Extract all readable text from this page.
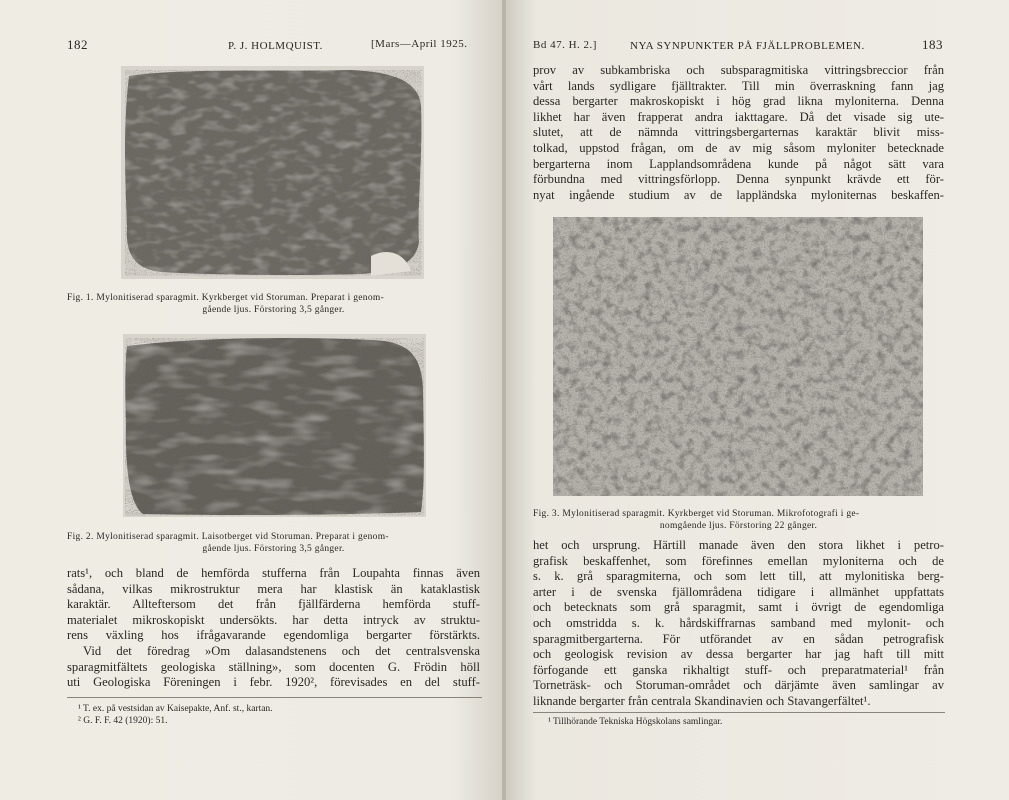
182	P. J. HOLMQUIST.	[Mars—April 1925.
Fig. 1. Mylonitiserad sparagmit. Kyrkberget vid Storuman. Preparat i genom-
gående ljus. Förstoring 3,5 gånger.
Fig. 2. Mylonitiserad sparagmit. Laisotberget vid Storuman. Preparat i genom-
gående ljus. Förstoring 3,5 gånger.
rats¹, och bland de hemförda stufferna från Loupahta finnas även
sådana, vilkas mikrostruktur mera har klastisk än kataklastisk
karaktär. Allteftersom det från fjällfärderna hemförda stuff-
materialet mikroskopiskt undersökts. har detta intryck av struktu-
rens växling hos ifrågavarande egendomliga bergarter förstärkts.
Vid det föredrag »Om dalasandstenens och det centralsvenska
sparagmitfältets geologiska ställning», som docenten G. Frödin höll
uti Geologiska Föreningen i febr. 1920², förevisades en del stuff-
¹ T. ex. på vestsidan av Kaisepakte, Anf. st., kartan.
² G. F. F. 42 (1920): 51.
Bd 47. H. 2.]	NYA SYNPUNKTER PÅ FJÄLLPROBLEMEN.	183
prov av subkambriska och subsparagmitiska vittringsbreccior från
vårt lands sydligare fjälltrakter. Till min överraskning fann jag
dessa bergarter makroskopiskt i hög grad likna myloniterna. Denna
likhet har även frapperat andra iakttagare. Då det visade sig ute-
slutet, att de nämnda vittringsbergarternas karaktär blivit miss-
tolkad, uppstod frågan, om de av mig såsom myloniter betecknade
bergarterna inom Lapplandsområdena kunde på något sätt vara
förbundna med vittringsförlopp. Denna synpunkt krävde ett för-
nyat ingående studium av de lappländska myloniternas beskaffen-
Fig. 3. Mylonitiserad sparagmit. Kyrkberget vid Storuman. Mikrofotografi i ge-
nomgående ljus. Förstoring 22 gånger.
het och ursprung. Härtill manade även den stora likhet i petro-
grafisk beskaffenhet, som förefinnes emellan myloniterna och de
s. k. grå sparagmiterna, och som lett till, att mylonitiska berg-
arter i de svenska fjällområdena tidigare i allmänhet uppfattats
och betecknats som grå sparagmit, samt i övrigt de egendomliga
och omstridda s. k. hårdskiffrarnas samband med mylonit- och
sparagmitbergarterna. För utförandet av en sådan petrografisk
och geologisk revision av dessa bergarter har jag haft till mitt
förfogande ett ganska rikhaltigt stuff- och preparatmaterial¹ från
Torneträsk- och Storuman-området och därjämte även samlingar av
liknande bergarter från centrala Skandinavien och Stavangerfältet¹.
¹ Tillhörande Tekniska Högskolans samlingar.
